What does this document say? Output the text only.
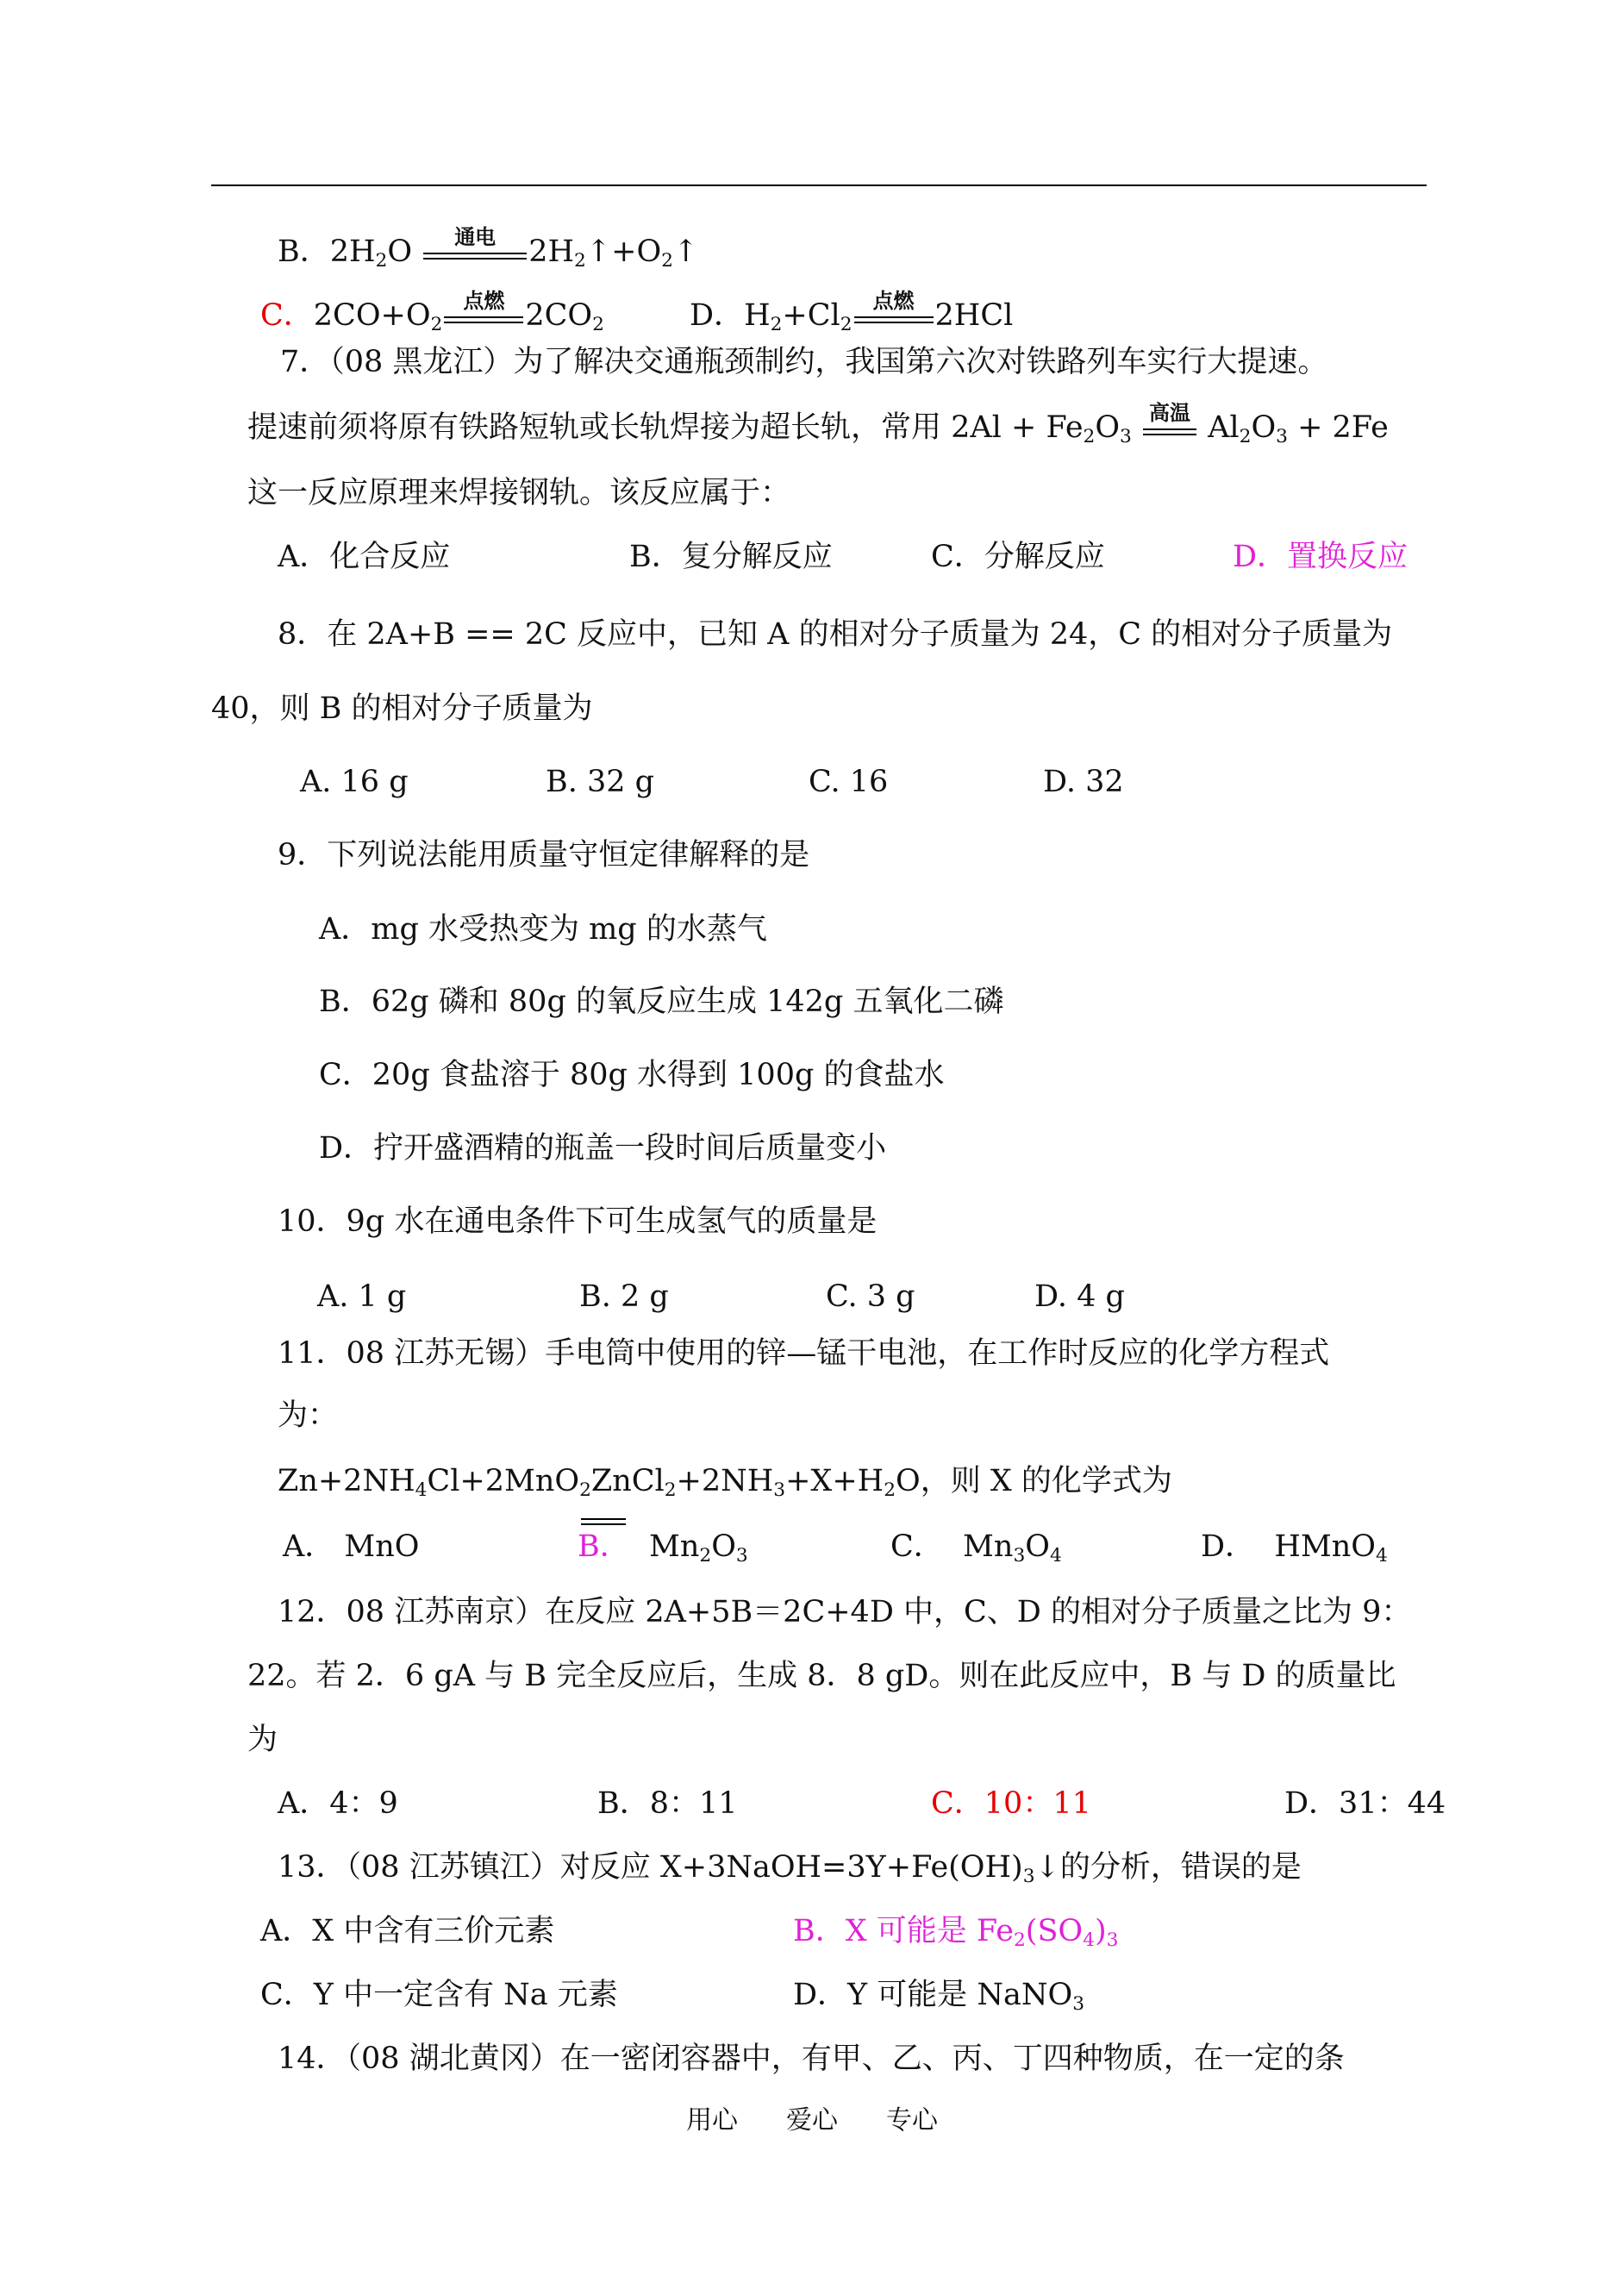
B．$2H_2O$	通电	$2H_2↑+O_2↑$
C．$2CO+O_2$
点燃 $2CO_2$	D．$H_2+Cl_2$
点燃 2HCl
7．（08 黑龙江）为了解决交通瓶颈制约，我国第六次对铁路列车实行大提速。
提速前须将原有铁路短轨或长轨焊接为超长轨，常用 $2Al + Fe_2O_3$
高温 $Al_2O_3 + 2Fe$
这一反应原理来焊接钢轨。该反应属于：
A．化合反应	B．复分解反应	C．分解反应	D．置换反应
8．在 2A+B == 2C 反应中，已知 A 的相对分子质量为 24，C 的相对分子质量为
40，则 B 的相对分子质量为
A. 16 g	B. 32 g	C. 16	D. 32
9．下列说法能用质量守恒定律解释的是
A．mg 水受热变为 mg 的水蒸气
B．62g 磷和 80g 的氧反应生成 142g 五氧化二磷
C．20g 食盐溶于 80g 水得到 100g 的食盐水
D．拧开盛酒精的瓶盖一段时间后质量变小
10．9g 水在通电条件下可生成氢气的质量是
A. 1 g	B. 2 g	C. 3 g	D. 4 g
11．08 江苏无锡）手电筒中使用的锌—锰干电池，在工作时反应的化学方程式
为：
$Zn+2NH_4Cl+2MnO_2$
$ZnCl_2+2NH_3+X+H_2O$，则 X 的化学式为
A． MnO	B． $Mn_2O_3$	C． $Mn_3O_4$	D． HMnO$_4$
12．08 江苏南京）在反应 2A+5B＝2C+4D 中，C、D 的相对分子质量之比为 9：
22。若 2．6 gA 与 B 完全反应后，生成 8．8 gD。则在此反应中，B 与 D 的质量比
为
A．4：9	B．8：11	C．10：11	D．31：44
13．（08 江苏镇江）对反应 $X+3NaOH=3Y+Fe(OH)_3↓$的分析，错误的是
A．X 中含有三价元素	B．X 可能是 $Fe_2(SO_4)_3$
C．Y 中一定含有 Na 元素	D．Y 可能是 NaNO$_3$
14．（08 湖北黄冈）在一密闭容器中，有甲、乙、丙、丁四种物质，在一定的条
用心 爱心 专心
